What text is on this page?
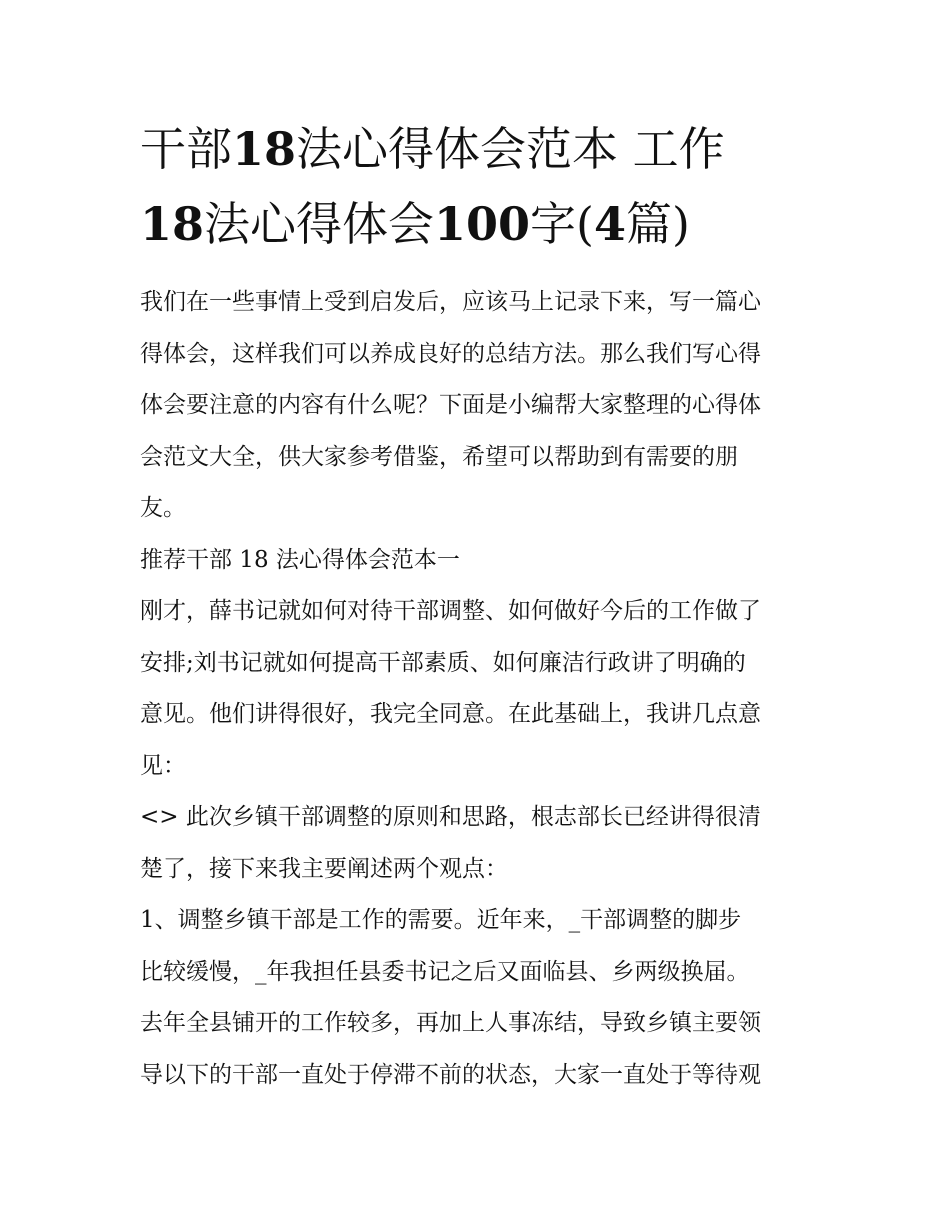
干部18法心得体会范本 工作
18法心得体会100字(4篇)

我们在一些事情上受到启发后，应该马上记录下来，写一篇心
得体会，这样我们可以养成良好的总结方法。那么我们写心得
体会要注意的内容有什么呢？下面是小编帮大家整理的心得体
会范文大全，供大家参考借鉴，希望可以帮助到有需要的朋
友。

推荐干部 18 法心得体会范本一

刚才，薛书记就如何对待干部调整、如何做好今后的工作做了
安排;刘书记就如何提高干部素质、如何廉洁行政讲了明确的
意见。他们讲得很好，我完全同意。在此基础上，我讲几点意
见：

<> 此次乡镇干部调整的原则和思路，根志部长已经讲得很清
楚了，接下来我主要阐述两个观点：

1、调整乡镇干部是工作的需要。近年来，_干部调整的脚步
比较缓慢，_年我担任县委书记之后又面临县、乡两级换届。
去年全县铺开的工作较多，再加上人事冻结，导致乡镇主要领
导以下的干部一直处于停滞不前的状态，大家一直处于等待观
